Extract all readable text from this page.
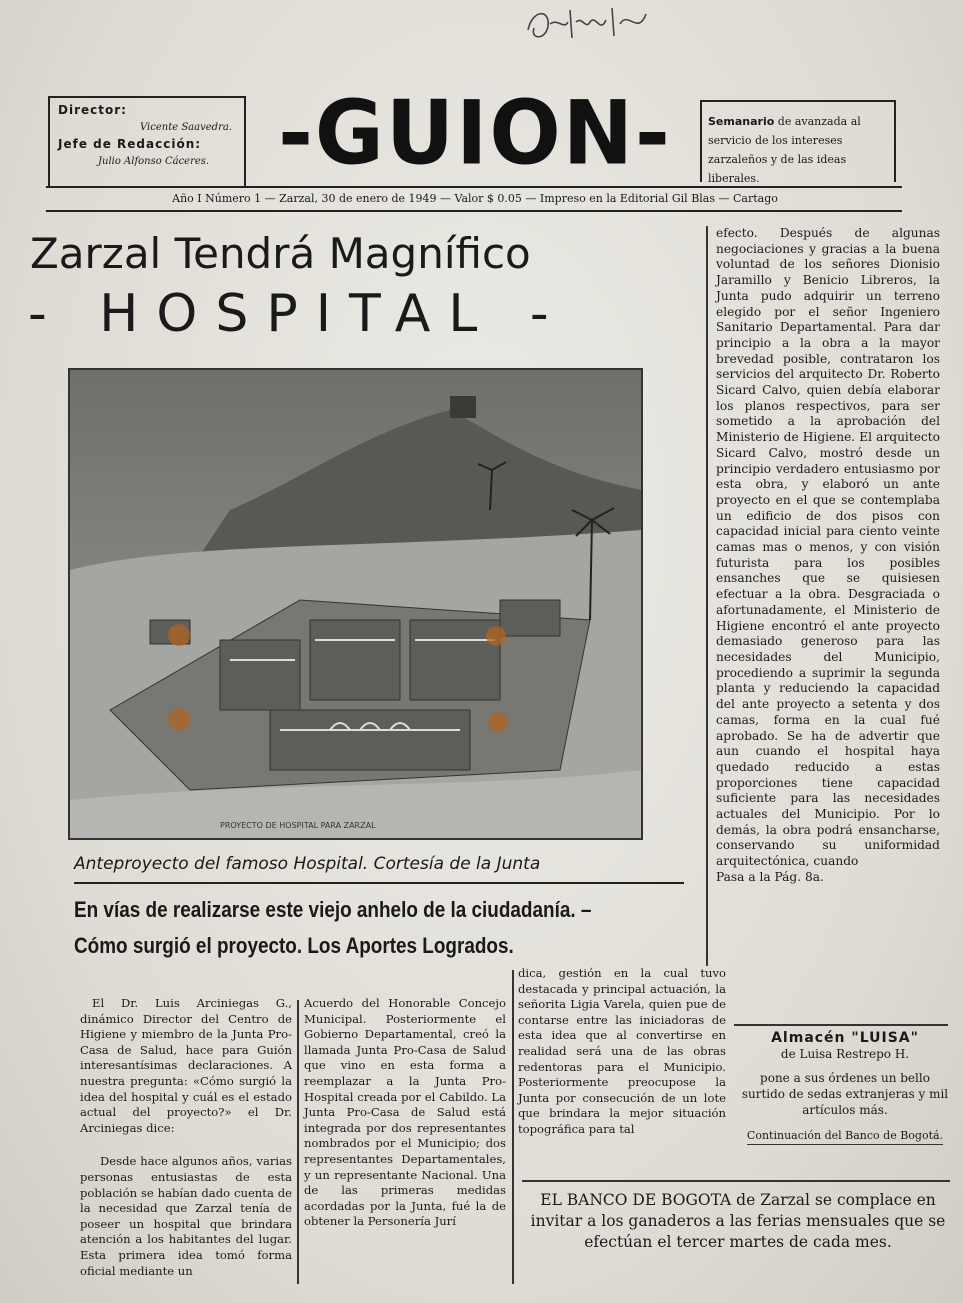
Director:
Vicente Saavedra.
Jefe de Redacción:
Julio Alfonso Cáceres. -GUION-	Semanario de avanzada al servicio de los intereses zarzaleños y de las ideas liberales.
Año I Número 1 — Zarzal, 30 de enero de 1949 — Valor $ 0.05 — Impreso en la Editorial Gil Blas — Cartago
Zarzal Tendrá Magnífico
- HOSPITAL -
PROYECTO DE HOSPITAL PARA ZARZAL
Anteproyecto del famoso Hospital. Cortesía de la Junta
En vías de realizarse este viejo anhelo de la ciudadanía. – Cómo surgió el proyecto. Los Aportes Logrados.

El Dr. Luis Arciniegas G., dinámico Director del Centro de Higiene y miembro de la Junta Pro-Casa de Salud, hace para Guión interesantísimas declaraciones. A nuestra pregunta: «Cómo surgió la idea del hospital y cuál es el estado actual del proyecto?» el Dr. Arciniegas dice:

Desde hace algunos años, varias personas entusiastas de esta población se habían dado cuenta de la necesidad que Zarzal tenía de poseer un hospital que brindara atención a los habitantes del lugar. Esta primera idea tomó forma oficial mediante un

Acuerdo del Honorable Concejo Municipal. Posteriormente el Gobierno Departamental, creó la llamada Junta Pro-Casa de Salud que vino en esta forma a reemplazar a la Junta Pro-Hospital creada por el Cabildo. La Junta Pro-Casa de Salud está integrada por dos representantes nombrados por el Municipio; dos representantes Departamentales, y un representante Nacional. Una de las primeras medidas acordadas por la Junta, fué la de obtener la Personería Jurí

dica, gestión en la cual tuvo destacada y principal actuación, la señorita Ligia Varela, quien pue de contarse entre las iniciadoras de esta idea que al convertirse en realidad será una de las obras redentoras para el Municipio. Posteriormente preocupose la Junta por consecución de un lote que brindara la mejor situación topográfica para tal

efecto. Después de algunas negociaciones y gracias a la buena voluntad de los señores Dionisio Jaramillo y Benicio Libreros, la Junta pudo adquirir un terreno elegido por el señor Ingeniero Sanitario Departamental. Para dar principio a la obra a la mayor brevedad posible, contrataron los servicios del arquitecto Dr. Roberto Sicard Calvo, quien debía elaborar los planos respectivos, para ser sometido a la aprobación del Ministerio de Higiene. El arquitecto Sicard Calvo, mostró desde un principio verdadero entusiasmo por esta obra, y elaboró un ante proyecto en el que se contemplaba un edificio de dos pisos con capacidad inicial para ciento veinte camas mas o menos, y con visión futurista para los posibles ensanches que se quisiesen efectuar a la obra. Desgraciada o afortunadamente, el Ministerio de Higiene encontró el ante proyecto demasiado generoso para las necesidades del Municipio, procediendo a suprimir la segunda planta y reduciendo la capacidad del ante proyecto a setenta y dos camas, forma en la cual fué aprobado. Se ha de advertir que aun cuando el hospital haya quedado reducido a estas proporciones tiene capacidad suficiente para las necesidades actuales del Municipio. Por lo demás, la obra podrá ensancharse, conservando su uniformidad arquitectónica, cuando

Pasa a la Pág. 8a.

Almacén "LUISA"
de Luisa Restrepo H.
pone a sus órdenes un bello surtido de sedas extranjeras y mil artículos más.
Continuación del Banco de Bogotá.
EL BANCO DE BOGOTA de Zarzal se complace en invitar a los ganaderos a las ferias mensuales que se efectúan el tercer martes de cada mes.
